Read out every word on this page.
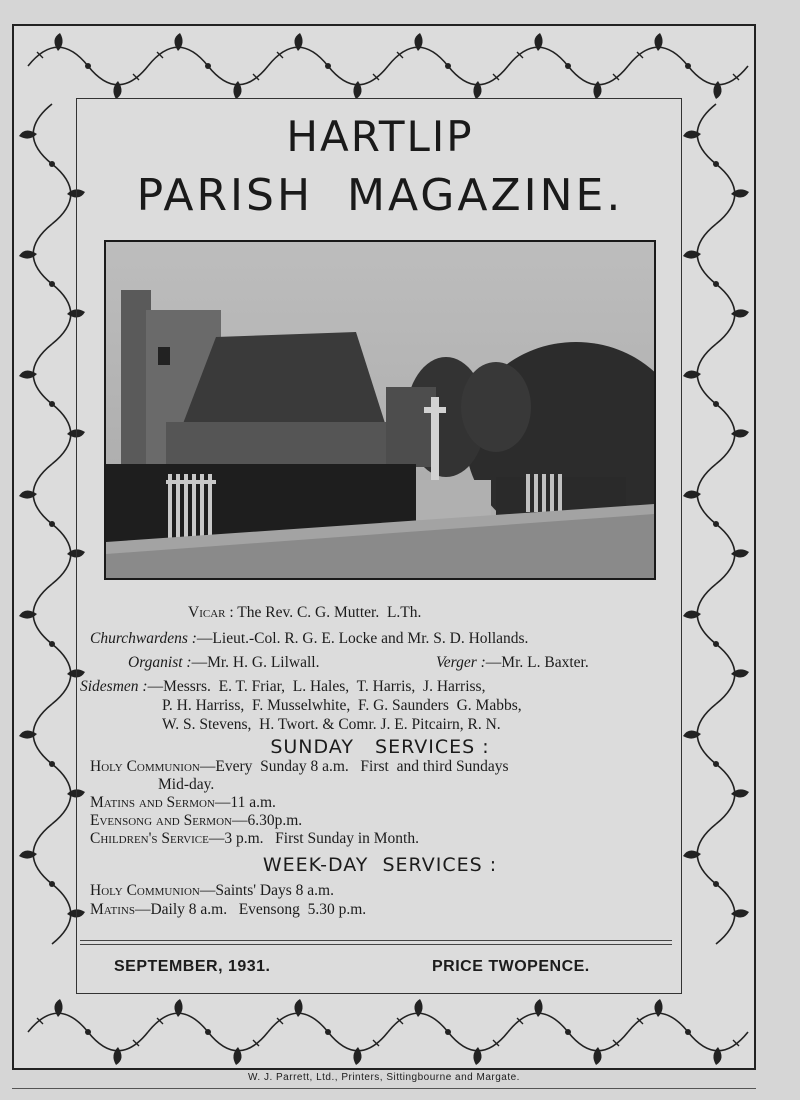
HARTLIP
PARISH  MAGAZINE.
Vicar : The Rev. C. G. Mutter.  L.Th.
Churchwardens :—Lieut.-Col. R. G. E. Locke and Mr. S. D. Hollands.
Organist :—Mr. H. G. Lilwall.	Verger :—Mr. L. Baxter.
Sidesmen :—Messrs.  E. T. Friar,  L. Hales,  T. Harris,  J. Harriss,
P. H. Harriss,  F. Musselwhite,  F. G. Saunders  G. Mabbs,
W. S. Stevens,  H. Twort. & Comr. J. E. Pitcairn, R. N.
SUNDAY   SERVICES :
Holy Communion—Every  Sunday 8 a.m.   First  and third Sundays
Mid-day.
Matins and Sermon—11 a.m.
Evensong and Sermon—6.30p.m.
Children's Service—3 p.m.   First Sunday in Month.
WEEK-DAY  SERVICES :
Holy Communion—Saints' Days 8 a.m.
Matins—Daily 8 a.m.   Evensong  5.30 p.m.
SEPTEMBER, 1931.	PRICE TWOPENCE.
W. J. Parrett, Ltd., Printers, Sittingbourne and Margate.
